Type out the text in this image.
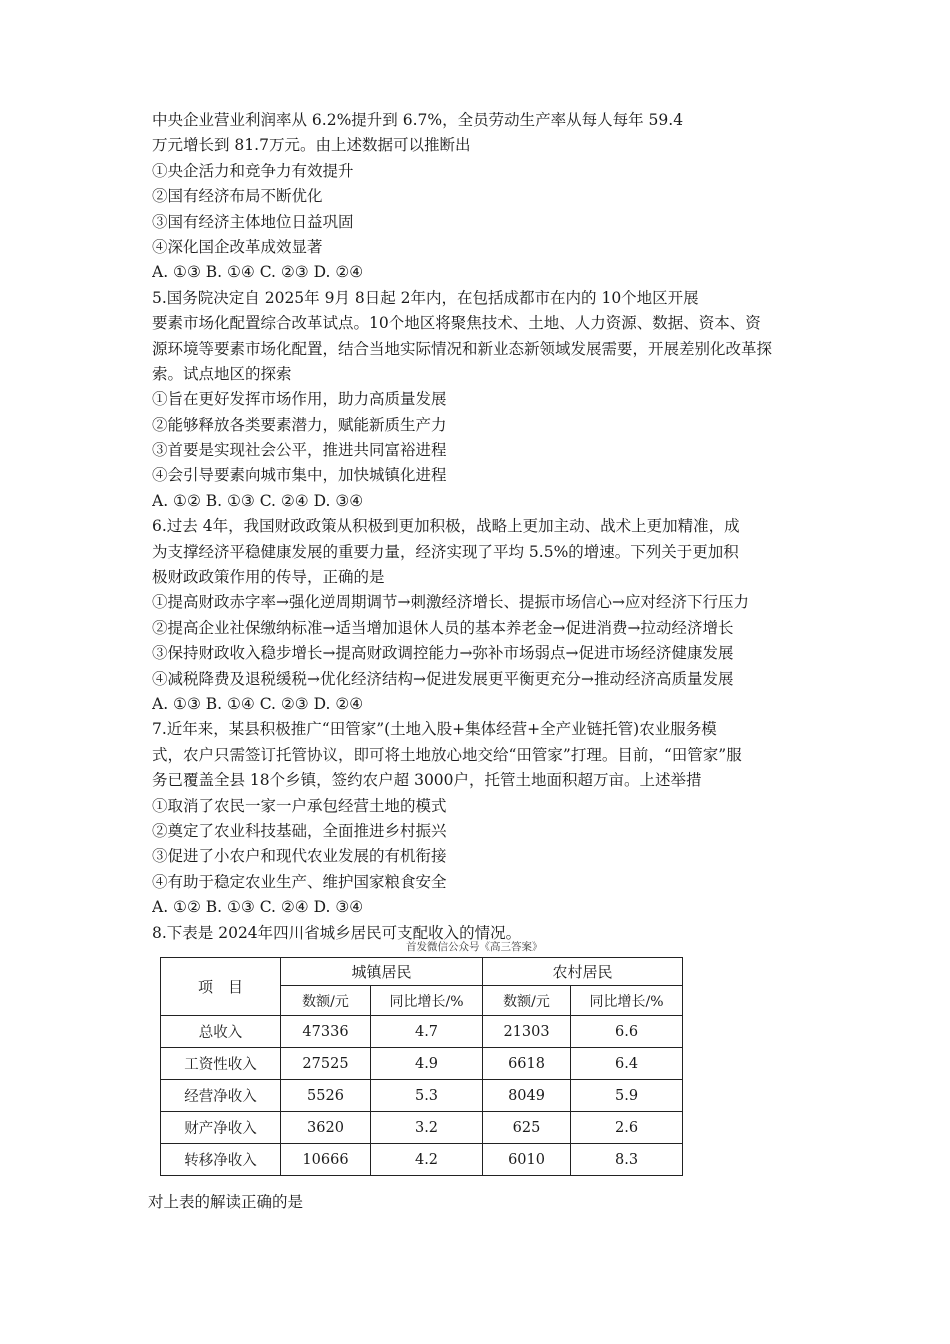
中央企业营业利润率从 6.2%提升到 6.7%，全员劳动生产率从每人每年 59.4
万元增长到 81.7万元。由上述数据可以推断出
①央企活力和竞争力有效提升
②国有经济布局不断优化
③国有经济主体地位日益巩固
④深化国企改革成效显著
A. ①③ B. ①④ C. ②③ D. ②④
5.国务院决定自 2025年 9月 8日起 2年内，在包括成都市在内的 10个地区开展
要素市场化配置综合改革试点。10个地区将聚焦技术、土地、人力资源、数据、资本、资
源环境等要素市场化配置，结合当地实际情况和新业态新领域发展需要，开展差别化改革探
索。试点地区的探索
①旨在更好发挥市场作用，助力高质量发展
②能够释放各类要素潜力，赋能新质生产力
③首要是实现社会公平，推进共同富裕进程
④会引导要素向城市集中，加快城镇化进程
A. ①② B. ①③ C. ②④ D. ③④
6.过去 4年，我国财政政策从积极到更加积极，战略上更加主动、战术上更加精准，成
为支撑经济平稳健康发展的重要力量，经济实现了平均 5.5%的增速。下列关于更加积
极财政政策作用的传导，正确的是
①提高财政赤字率→强化逆周期调节→刺激经济增长、提振市场信心→应对经济下行压力
②提高企业社保缴纳标准→适当增加退休人员的基本养老金→促进消费→拉动经济增长
③保持财政收入稳步增长→提高财政调控能力→弥补市场弱点→促进市场经济健康发展
④减税降费及退税缓税→优化经济结构→促进发展更平衡更充分→推动经济高质量发展
A. ①③ B. ①④ C. ②③ D. ②④
7.近年来，某县积极推广“田管家”(土地入股+集体经营+全产业链托管)农业服务模
式，农户只需签订托管协议，即可将土地放心地交给“田管家”打理。目前，“田管家”服
务已覆盖全县 18个乡镇，签约农户超 3000户，托管土地面积超万亩。上述举措
①取消了农民一家一户承包经营土地的模式
②奠定了农业科技基础，全面推进乡村振兴
③促进了小农户和现代农业发展的有机衔接
④有助于稳定农业生产、维护国家粮食安全
A. ①② B. ①③ C. ②④ D. ③④
8.下表是 2024年四川省城乡居民可支配收入的情况。
首发微信公众号《高三答案》
项　目	城镇居民		农村居民	
	数额/元	同比增长/%	数额/元	同比增长/%
总收入	47336	4.7	21303	6.6
工资性收入	27525	4.9	6618	6.4
经营净收入	5526	5.3	8049	5.9
财产净收入	3620	3.2	625	2.6
转移净收入	10666	4.2	6010	8.3
对上表的解读正确的是
